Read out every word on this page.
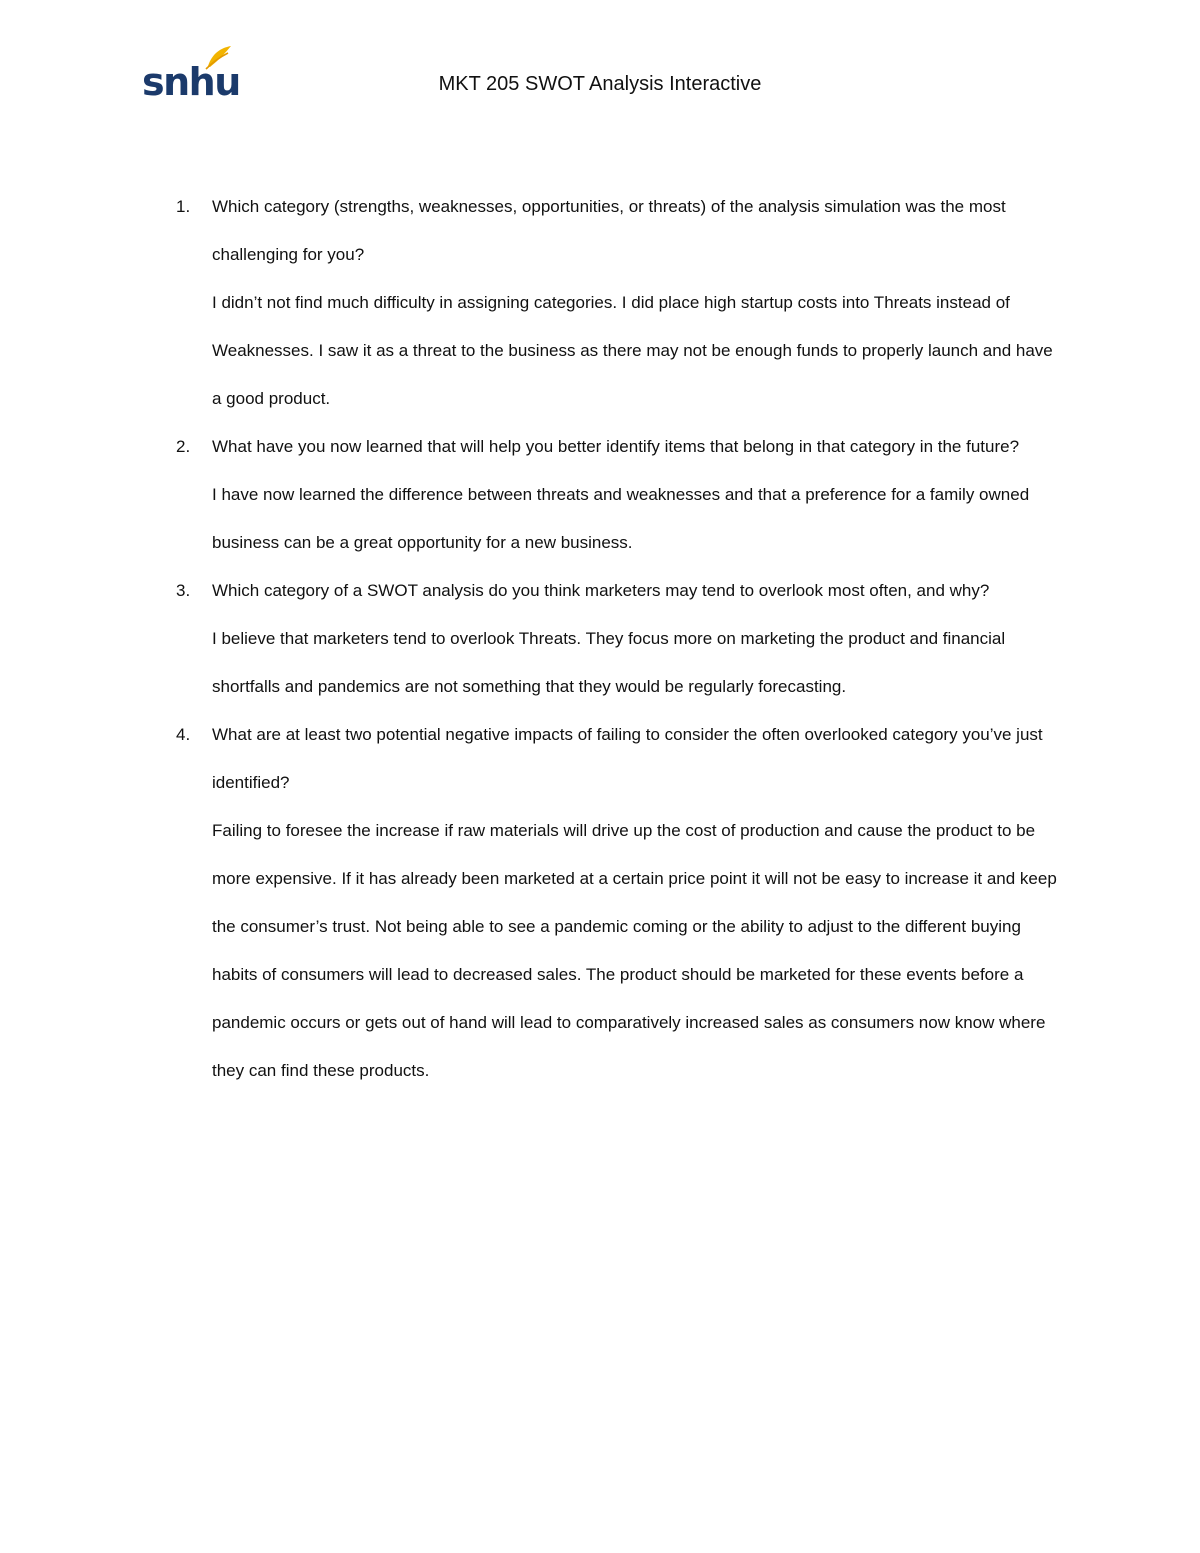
snhu	MKT 205 SWOT Analysis Interactive
1. Which category (strengths, weaknesses, opportunities, or threats) of the analysis simulation was the most challenging for you?

I didn’t not find much difficulty in assigning categories. I did place high startup costs into Threats instead of Weaknesses. I saw it as a threat to the business as there may not be enough funds to properly launch and have a good product.

2. What have you now learned that will help you better identify items that belong in that category in the future?

I have now learned the difference between threats and weaknesses and that a preference for a family owned business can be a great opportunity for a new business.

3. Which category of a SWOT analysis do you think marketers may tend to overlook most often, and why?

I believe that marketers tend to overlook Threats. They focus more on marketing the product and financial shortfalls and pandemics are not something that they would be regularly forecasting.

4. What are at least two potential negative impacts of failing to consider the often overlooked category you’ve just identified?

Failing to foresee the increase if raw materials will drive up the cost of production and cause the product to be more expensive. If it has already been marketed at a certain price point it will not be easy to increase it and keep the consumer’s trust. Not being able to see a pandemic coming or the ability to adjust to the different buying habits of consumers will lead to decreased sales. The product should be marketed for these events before a pandemic occurs or gets out of hand will lead to comparatively increased sales as consumers now know where they can find these products.
